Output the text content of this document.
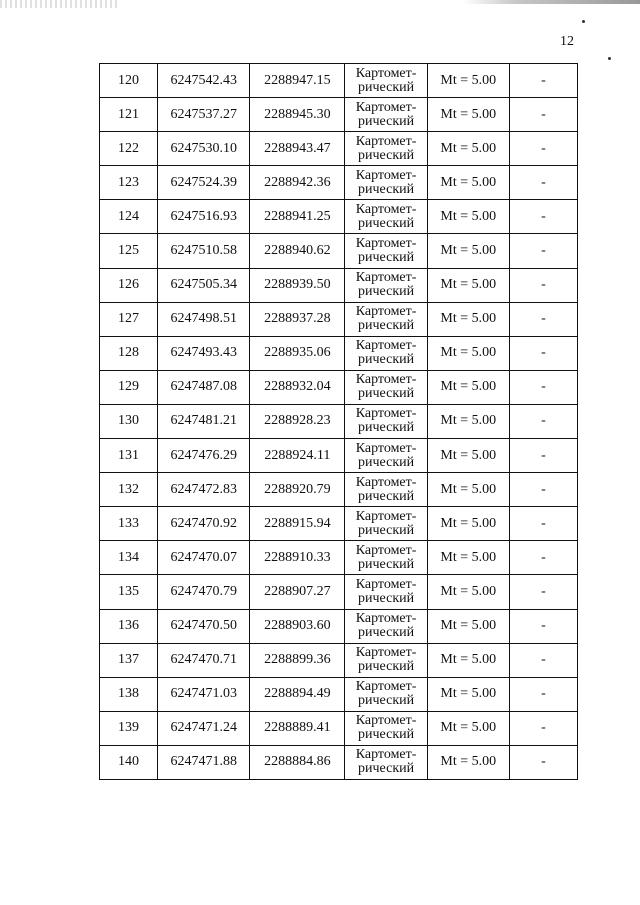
12
120	6247542.43	2288947.15	Картомет-
рический	Mt = 5.00	-
121	6247537.27	2288945.30	Картомет-
рический	Mt = 5.00	-
122	6247530.10	2288943.47	Картомет-
рический	Mt = 5.00	-
123	6247524.39	2288942.36	Картомет-
рический	Mt = 5.00	-
124	6247516.93	2288941.25	Картомет-
рический	Mt = 5.00	-
125	6247510.58	2288940.62	Картомет-
рический	Mt = 5.00	-
126	6247505.34	2288939.50	Картомет-
рический	Mt = 5.00	-
127	6247498.51	2288937.28	Картомет-
рический	Mt = 5.00	-
128	6247493.43	2288935.06	Картомет-
рический	Mt = 5.00	-
129	6247487.08	2288932.04	Картомет-
рический	Mt = 5.00	-
130	6247481.21	2288928.23	Картомет-
рический	Mt = 5.00	-
131	6247476.29	2288924.11	Картомет-
рический	Mt = 5.00	-
132	6247472.83	2288920.79	Картомет-
рический	Mt = 5.00	-
133	6247470.92	2288915.94	Картомет-
рический	Mt = 5.00	-
134	6247470.07	2288910.33	Картомет-
рический	Mt = 5.00	-
135	6247470.79	2288907.27	Картомет-
рический	Mt = 5.00	-
136	6247470.50	2288903.60	Картомет-
рический	Mt = 5.00	-
137	6247470.71	2288899.36	Картомет-
рический	Mt = 5.00	-
138	6247471.03	2288894.49	Картомет-
рический	Mt = 5.00	-
139	6247471.24	2288889.41	Картомет-
рический	Mt = 5.00	-
140	6247471.88	2288884.86	Картомет-
рический	Mt = 5.00	-
